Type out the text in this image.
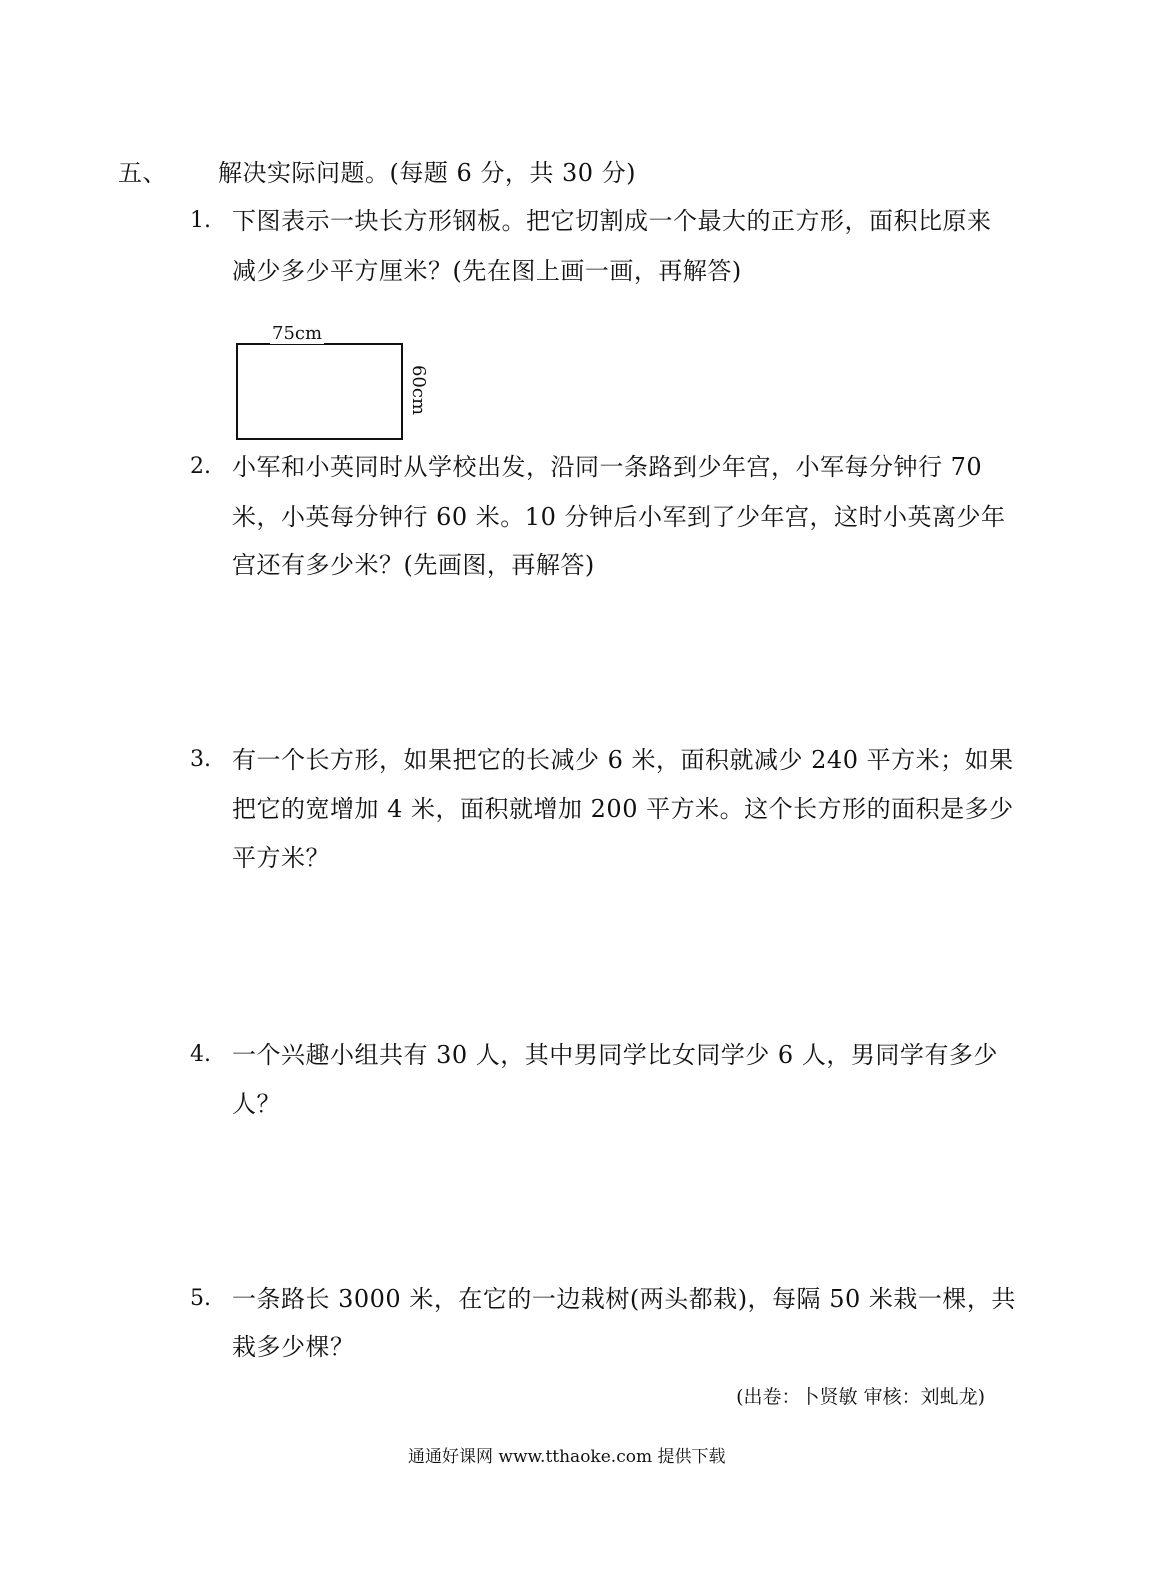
五、 解决实际问题。(每题 6 分，共 30 分)
1. 下图表示一块长方形钢板。把它切割成一个最大的正方形，面积比原来
减少多少平方厘米？(先在图上画一画，再解答)
75cm
60cm
2. 小军和小英同时从学校出发，沿同一条路到少年宫，小军每分钟行 70
米，小英每分钟行 60 米。10 分钟后小军到了少年宫，这时小英离少年
宫还有多少米？(先画图，再解答)
3. 有一个长方形，如果把它的长减少 6 米，面积就减少 240 平方米；如果
把它的宽增加 4 米，面积就增加 200 平方米。这个长方形的面积是多少
平方米？
4. 一个兴趣小组共有 30 人，其中男同学比女同学少 6 人，男同学有多少
人？
5. 一条路长 3000 米，在它的一边栽树(两头都栽)，每隔 50 米栽一棵，共
栽多少棵？
(出卷：卜贤敏 审核：刘虬龙)
通通好课网 www.tthaoke.com 提供下载
